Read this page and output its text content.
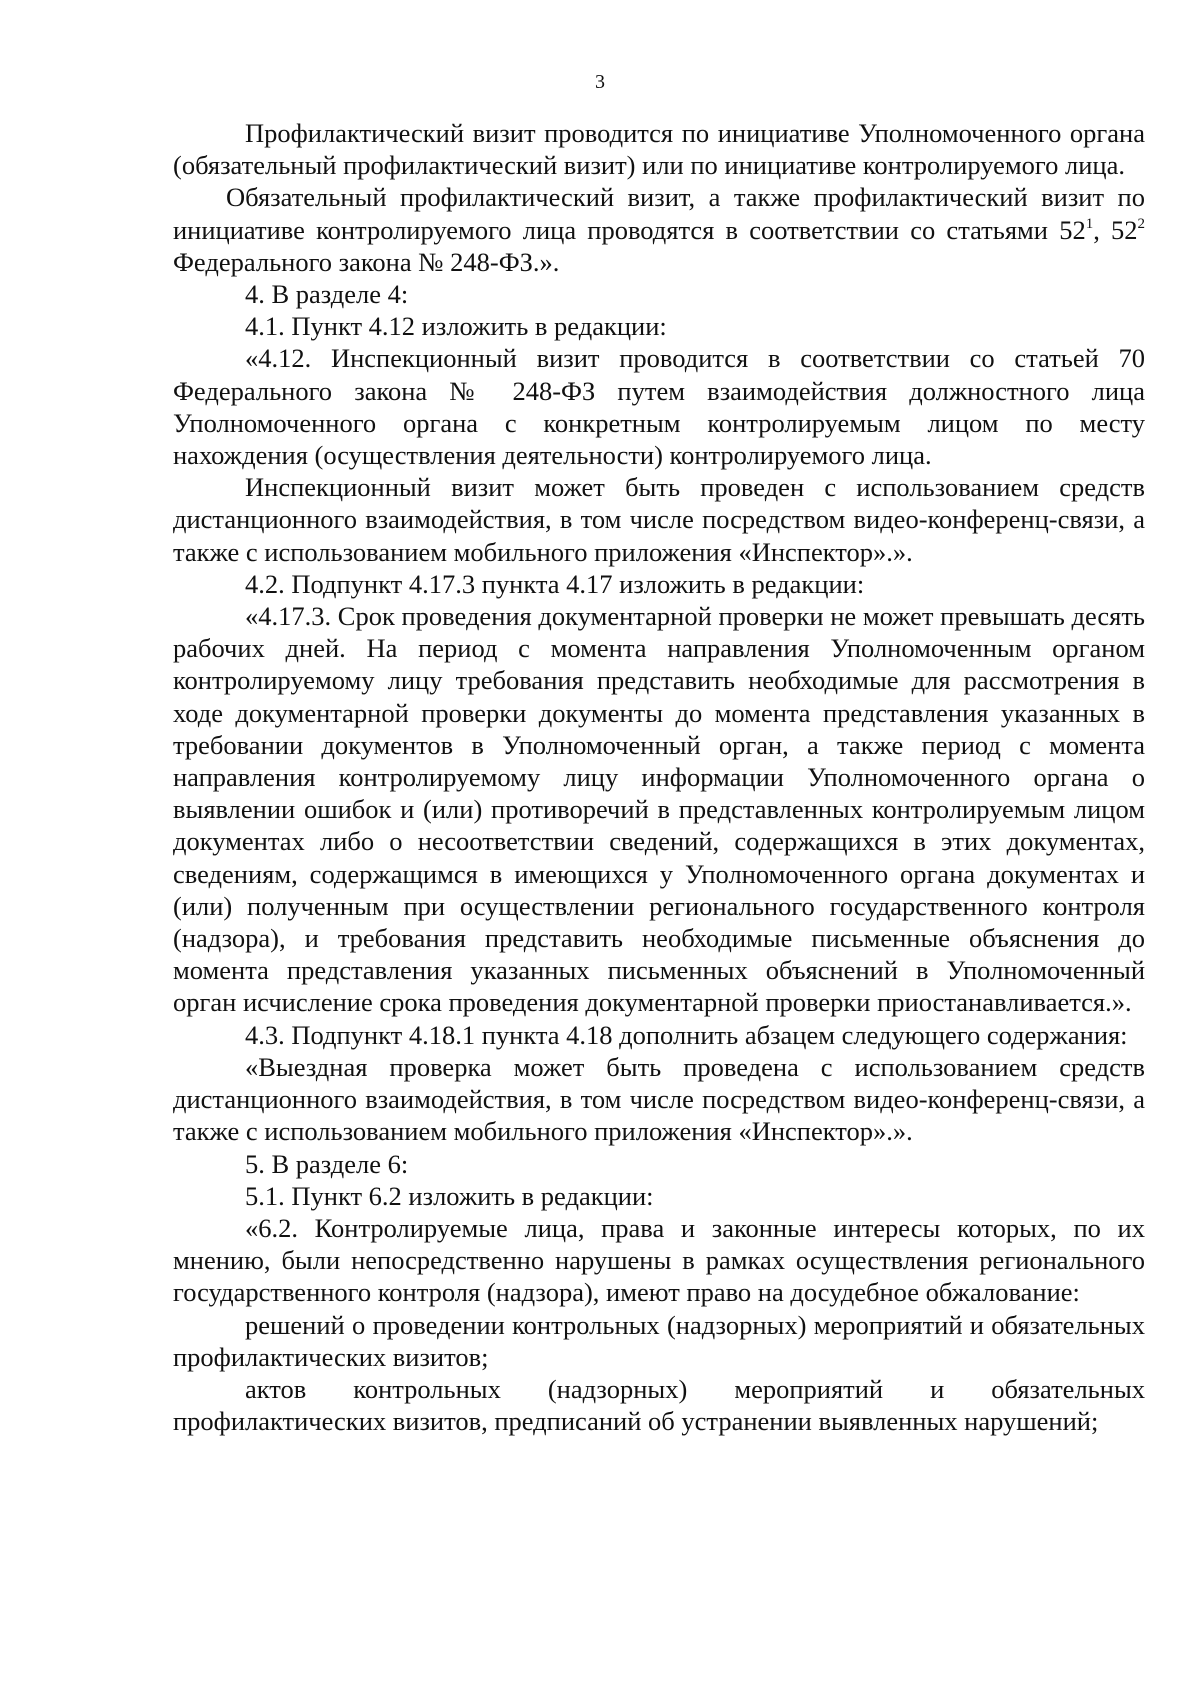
3

Профилактический визит проводится по инициативе Уполномоченного органа (обязательный профилактический визит) или по инициативе контролируемого лица.

Обязательный профилактический визит, а также профилактический визит по инициативе контролируемого лица проводятся в соответствии со статьями $52^1$, $52^2$ Федерального закона № 248-ФЗ.».

4. В разделе 4:

4.1. Пункт 4.12 изложить в редакции:

«4.12. Инспекционный визит проводится в соответствии со статьей 70 Федерального закона № 248-ФЗ путем взаимодействия должностного лица Уполномоченного органа с конкретным контролируемым лицом по месту нахождения (осуществления деятельности) контролируемого лица.

Инспекционный визит может быть проведен с использованием средств дистанционного взаимодействия, в том числе посредством видео-конференц-связи, а также с использованием мобильного приложения «Инспектор».».

4.2. Подпункт 4.17.3 пункта 4.17 изложить в редакции:

«4.17.3. Срок проведения документарной проверки не может превышать десять рабочих дней. На период с момента направления Уполномоченным органом контролируемому лицу требования представить необходимые для рассмотрения в ходе документарной проверки документы до момента представления указанных в требовании документов в Уполномоченный орган, а также период с момента направления контролируемому лицу информации Уполномоченного органа о выявлении ошибок и (или) противоречий в представленных контролируемым лицом документах либо о несоответствии сведений, содержащихся в этих документах, сведениям, содержащимся в имеющихся у Уполномоченного органа документах и (или) полученным при осуществлении регионального государственного контроля (надзора), и требования представить необходимые письменные объяснения до момента представления указанных письменных объяснений в Уполномоченный орган исчисление срока проведения документарной проверки приостанавливается.».

4.3. Подпункт 4.18.1 пункта 4.18 дополнить абзацем следующего содержания:

«Выездная проверка может быть проведена с использованием средств дистанционного взаимодействия, в том числе посредством видео-конференц-связи, а также с использованием мобильного приложения «Инспектор».».

5. В разделе 6:

5.1. Пункт 6.2 изложить в редакции:

«6.2. Контролируемые лица, права и законные интересы которых, по их мнению, были непосредственно нарушены в рамках осуществления регионального государственного контроля (надзора), имеют право на досудебное обжалование:

решений о проведении контрольных (надзорных) мероприятий и обязательных профилактических визитов;

актов контрольных (надзорных) мероприятий и обязательных профилактических визитов, предписаний об устранении выявленных нарушений;
